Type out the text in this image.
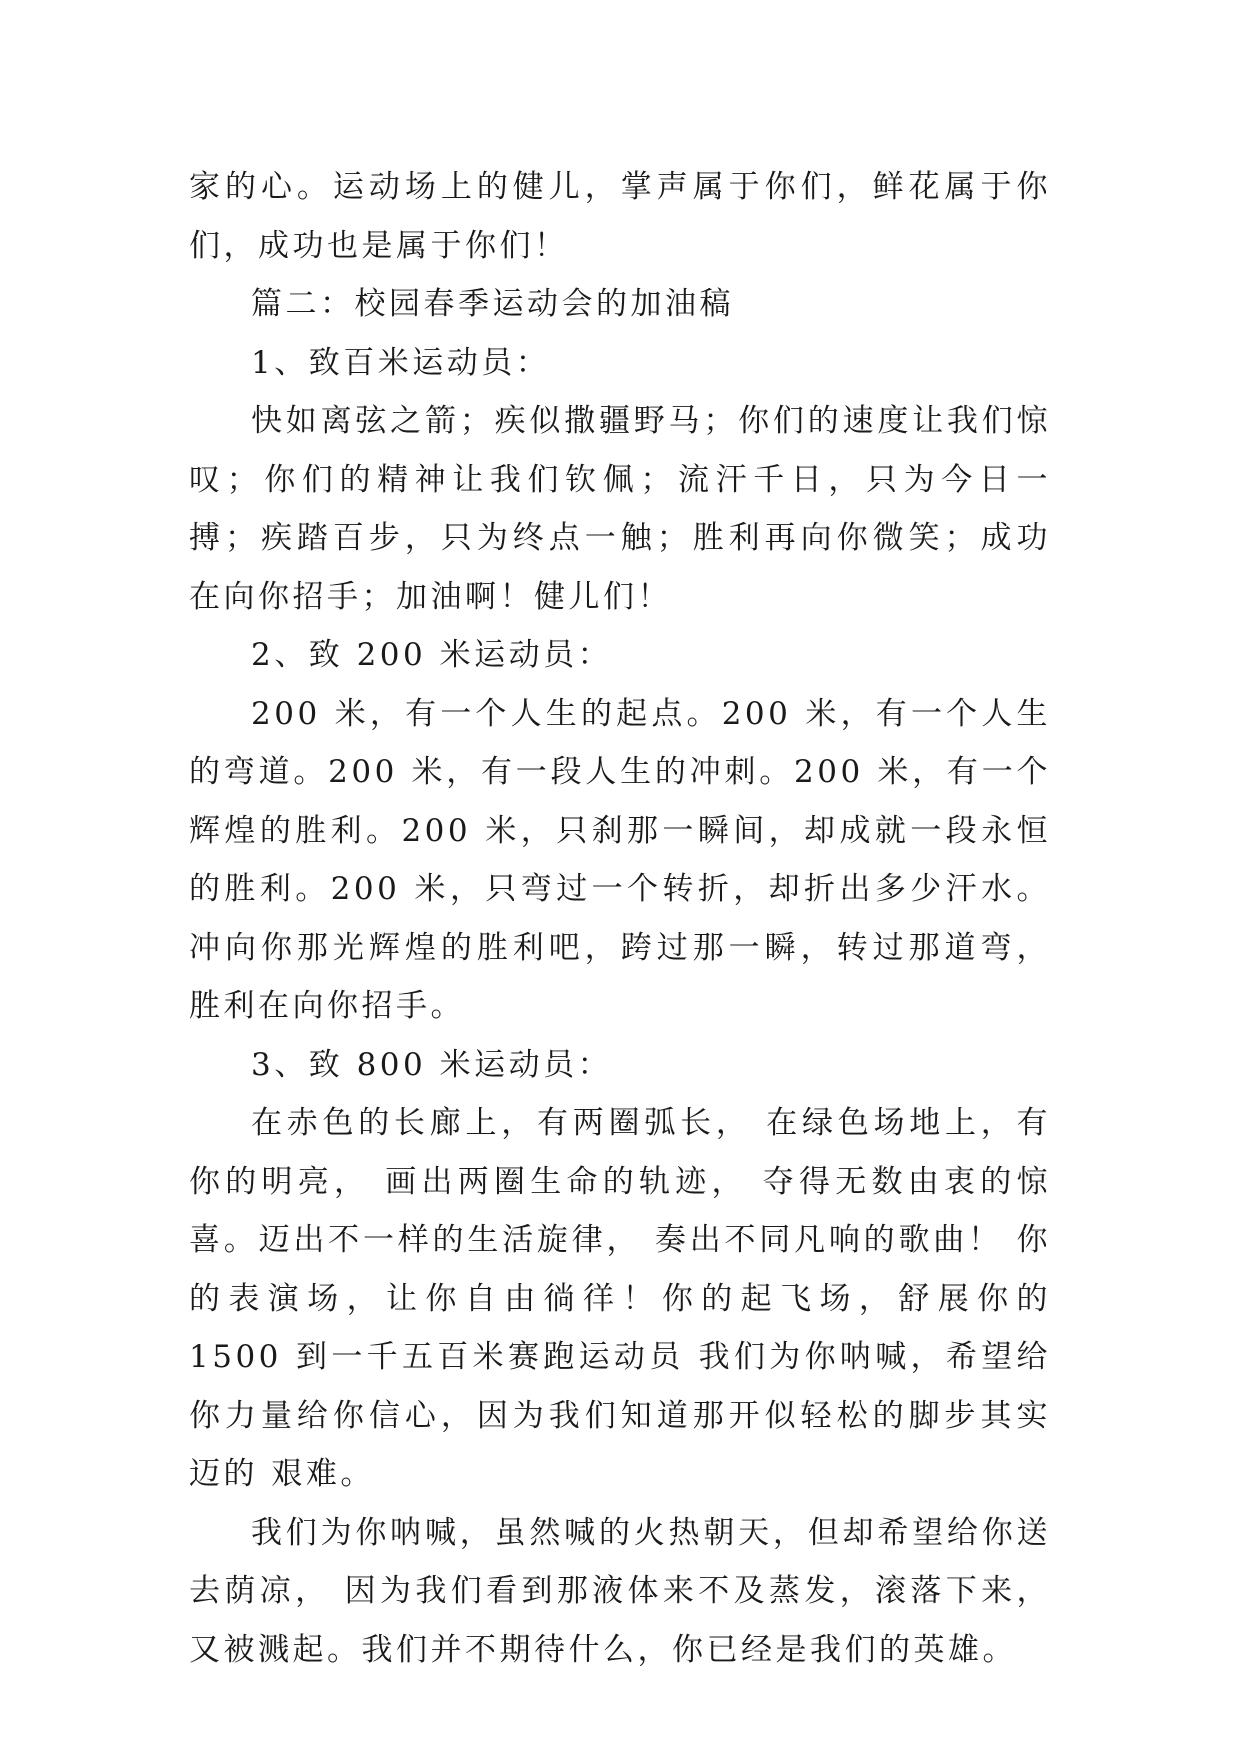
家的心。运动场上的健儿，掌声属于你们，鲜花属于你们，成功也是属于你们！

篇二：校园春季运动会的加油稿

1、致百米运动员：

快如离弦之箭；疾似撒疆野马；你们的速度让我们惊叹；你们的精神让我们钦佩；流汗千日，只为今日一搏；疾踏百步，只为终点一触；胜利再向你微笑；成功在向你招手；加油啊！健儿们！

2、致 200 米运动员：

200 米，有一个人生的起点。200 米，有一个人生的弯道。200 米，有一段人生的冲刺。200 米，有一个辉煌的胜利。200 米，只刹那一瞬间，却成就一段永恒的胜利。200 米，只弯过一个转折，却折出多少汗水。冲向你那光辉煌的胜利吧，跨过那一瞬，转过那道弯，胜利在向你招手。

3、致 800 米运动员：

在赤色的长廊上，有两圈弧长， 在绿色场地上，有你的明亮， 画出两圈生命的轨迹， 夺得无数由衷的惊喜。迈出不一样的生活旋律， 奏出不同凡响的歌曲！ 你的表演场，让你自由徜徉！你的起飞场，舒展你的 1500 到一千五百米赛跑运动员 我们为你呐喊，希望给你力量给你信心，因为我们知道那开似轻松的脚步其实迈的 艰难。

我们为你呐喊，虽然喊的火热朝天，但却希望给你送去荫凉， 因为我们看到那液体来不及蒸发，滚落下来，又被溅起。我们并不期待什么，你已经是我们的英雄。
